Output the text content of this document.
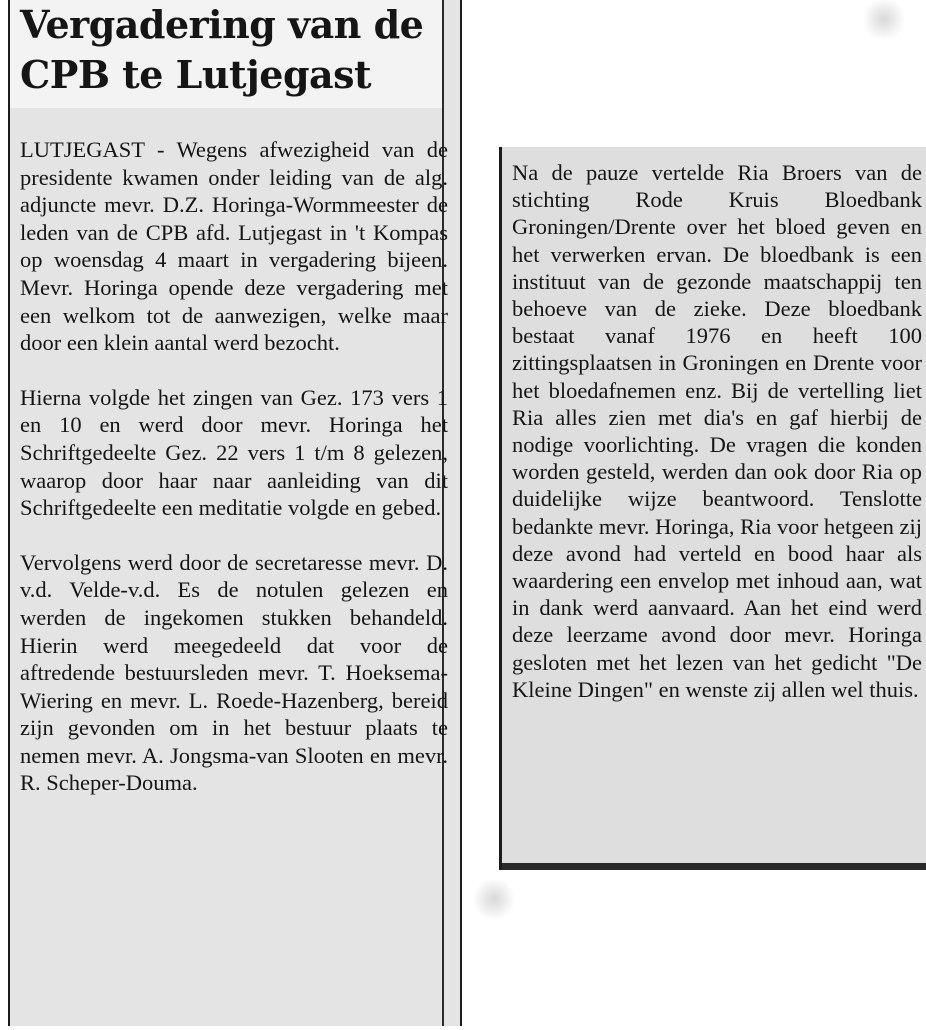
Vergadering van de
CPB te Lutjegast

LUTJEGAST - Wegens afwezigheid van de presidente kwamen onder leiding van de alg. adjuncte mevr. D.Z. Horinga-Wormmeester de leden van de CPB afd. Lutjegast in 't Kompas op woensdag 4 maart in vergadering bijeen. Mevr. Horinga opende deze vergadering met een welkom tot de aanwezigen, welke maar door een klein aantal werd bezocht.

Hierna volgde het zingen van Gez. 173 vers 1 en 10 en werd door mevr. Horinga het Schriftgedeelte Gez. 22 vers 1 t/m 8 gelezen, waarop door haar naar aanleiding van dit Schriftgedeelte een meditatie volgde en gebed.

Vervolgens werd door de secretaresse mevr. D. v.d. Velde-v.d. Es de notulen gelezen en werden de ingekomen stukken behandeld. Hierin werd meegedeeld dat voor de aftredende bestuursleden mevr. T. Hoeksema-Wiering en mevr. L. Roede-Hazenberg, bereid zijn gevonden om in het bestuur plaats te nemen mevr. A. Jongsma-van Slooten en mevr. R. Scheper-Douma.

Na de pauze vertelde Ria Broers van de stichting Rode Kruis Bloedbank Groningen/Drente over het bloed geven en het verwerken ervan. De bloedbank is een instituut van de gezonde maatschappij ten behoeve van de zieke. Deze bloedbank bestaat vanaf 1976 en heeft 100 zittingsplaatsen in Groningen en Drente voor het bloedafnemen enz. Bij de vertelling liet Ria alles zien met dia's en gaf hierbij de nodige voorlichting. De vragen die konden worden gesteld, werden dan ook door Ria op duidelijke wijze beantwoord. Tenslotte bedankte mevr. Horinga, Ria voor hetgeen zij deze avond had verteld en bood haar als waardering een envelop met inhoud aan, wat in dank werd aanvaard. Aan het eind werd deze leerzame avond door mevr. Horinga gesloten met het lezen van het gedicht "De Kleine Dingen" en wenste zij allen wel thuis.
